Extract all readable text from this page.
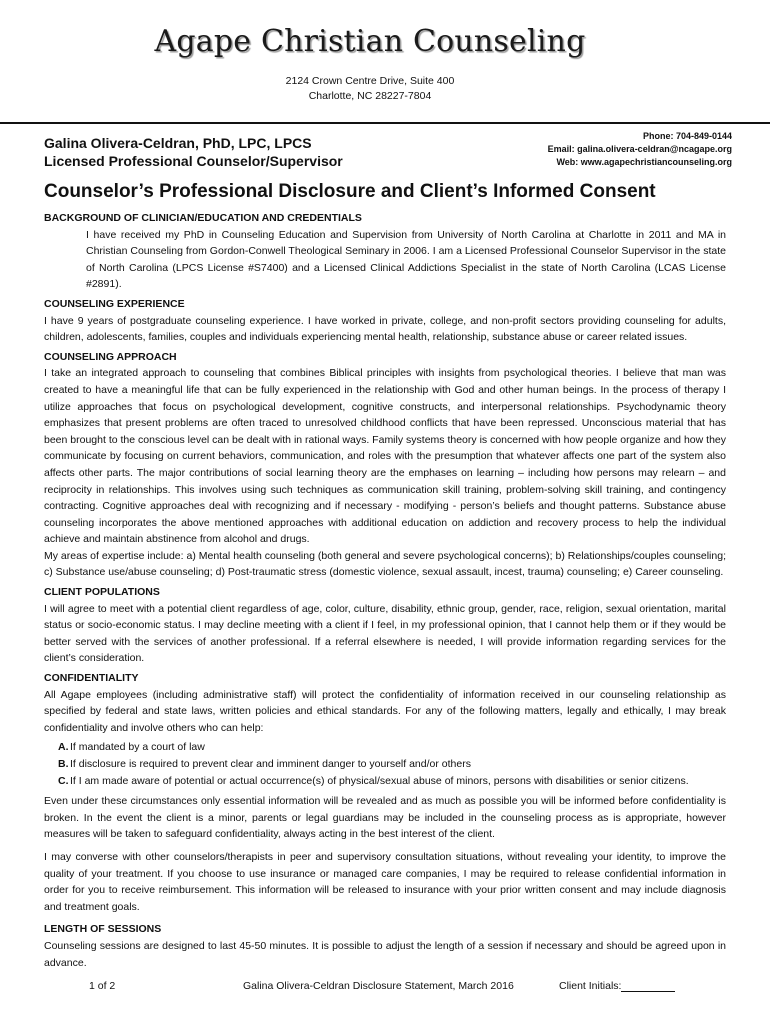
Agape Christian Counseling
2124 Crown Centre Drive, Suite 400
Charlotte, NC 28227-7804
Galina Olivera-Celdran, PhD, LPC, LPCS
Licensed Professional Counselor/Supervisor
Phone: 704-849-0144
Email: galina.olivera-celdran@ncagape.org
Web: www.agapechristiancounseling.org
Counselor’s Professional Disclosure and Client’s Informed Consent
BACKGROUND OF CLINICIAN/EDUCATION AND CREDENTIALS
I have received my PhD in Counseling Education and Supervision from University of North Carolina at Charlotte in 2011 and MA in Christian Counseling from Gordon-Conwell Theological Seminary in 2006. I am a Licensed Professional Counselor Supervisor in the state of North Carolina (LPCS License #S7400) and a Licensed Clinical Addictions Specialist in the state of North Carolina (LCAS License #2891).
COUNSELING EXPERIENCE
I have 9 years of postgraduate counseling experience. I have worked in private, college, and non-profit sectors providing counseling for adults, children, adolescents, families, couples and individuals experiencing mental health, relationship, substance abuse or career related issues.
COUNSELING APPROACH
I take an integrated approach to counseling that combines Biblical principles with insights from psychological theories. I believe that man was created to have a meaningful life that can be fully experienced in the relationship with God and other human beings. In the process of therapy I utilize approaches that focus on psychological development, cognitive constructs, and interpersonal relationships. Psychodynamic theory emphasizes that present problems are often traced to unresolved childhood conflicts that have been repressed. Unconscious material that has been brought to the conscious level can be dealt with in rational ways. Family systems theory is concerned with how people organize and how they communicate by focusing on current behaviors, communication, and roles with the presumption that whatever affects one part of the system also affects other parts. The major contributions of social learning theory are the emphases on learning – including how persons may relearn – and reciprocity in relationships. This involves using such techniques as communication skill training, problem-solving skill training, and contingency contracting. Cognitive approaches deal with recognizing and if necessary - modifying - person’s beliefs and thought patterns. Substance abuse counseling incorporates the above mentioned approaches with additional education on addiction and recovery process to help the individual achieve and maintain abstinence from alcohol and drugs.
My areas of expertise include: a) Mental health counseling (both general and severe psychological concerns); b) Relationships/couples counseling; c) Substance use/abuse counseling; d) Post-traumatic stress (domestic violence, sexual assault, incest, trauma) counseling; e) Career counseling.
CLIENT POPULATIONS
I will agree to meet with a potential client regardless of age, color, culture, disability, ethnic group, gender, race, religion, sexual orientation, marital status or socio-economic status. I may decline meeting with a client if I feel, in my professional opinion, that I cannot help them or if they would be better served with the services of another professional. If a referral elsewhere is needed, I will provide information regarding services for the client’s consideration.
CONFIDENTIALITY
All Agape employees (including administrative staff) will protect the confidentiality of information received in our counseling relationship as specified by federal and state laws, written policies and ethical standards. For any of the following matters, legally and ethically, I may break confidentiality and involve others who can help:
A. If mandated by a court of law
B. If disclosure is required to prevent clear and imminent danger to yourself and/or others
C. If I am made aware of potential or actual occurrence(s) of physical/sexual abuse of minors, persons with disabilities or senior citizens.
Even under these circumstances only essential information will be revealed and as much as possible you will be informed before confidentiality is broken. In the event the client is a minor, parents or legal guardians may be included in the counseling process as is appropriate, however measures will be taken to safeguard confidentiality, always acting in the best interest of the client.
I may converse with other counselors/therapists in peer and supervisory consultation situations, without revealing your identity, to improve the quality of your treatment. If you choose to use insurance or managed care companies, I may be required to release confidential information in order for you to receive reimbursement. This information will be released to insurance with your prior written consent and may include diagnosis and treatment goals.
LENGTH OF SESSIONS
Counseling sessions are designed to last 45-50 minutes. It is possible to adjust the length of a session if necessary and should be agreed upon in advance.
1 of 2	Galina Olivera-Celdran Disclosure Statement, March 2016	Client Initials:
